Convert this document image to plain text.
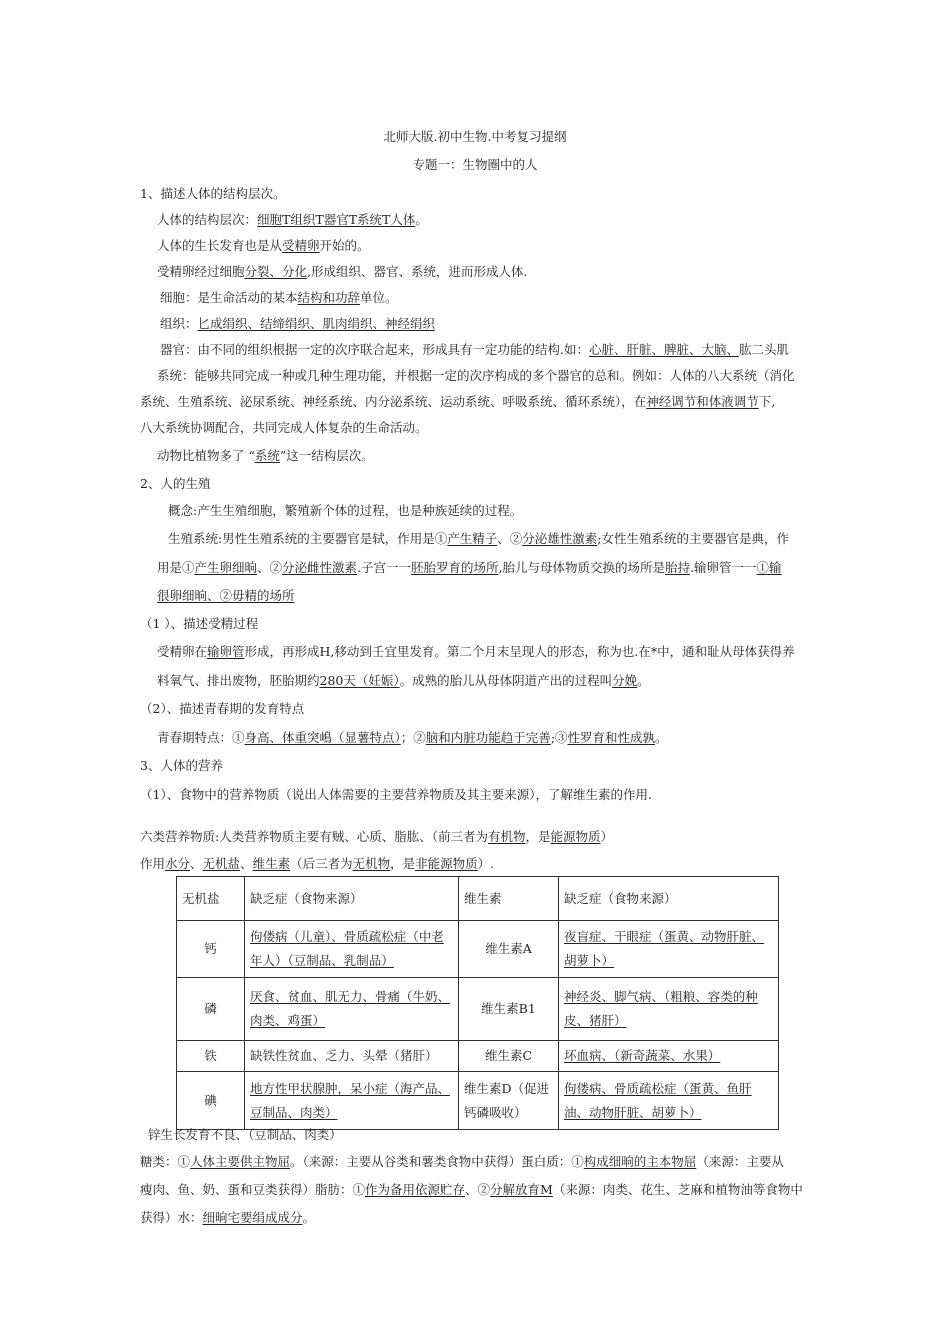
北师大版.初中生物.中考复习提纲
专题一：生物圈中的人
1、描述人体的结构层次。
人体的结构层次：细胞T组织T器官T系统T人体。
人体的生长发育也是从受精卵开始的。
受精卵经过细胞分裂、分化,形成组织、器官、系统，进而形成人体.
细胞：是生命活动的某本结构和功辞单位。
组织：匕成绢织、结缔绢织、肌肉绢织、神经绢织
器官：由不同的组织根据一定的次序联合起来，形成具有一定功能的结构.如：心脏、肝脏、脾脏、大脑、肱二头肌
系统：能够共同完成一种或几种生理功能，并根据一定的次序构成的多个器官的总和。例如：人体的八大系统（消化
系统、生殖系统、泌尿系统、神经系统、内分泌系统、运动系统、呼吸系统、循环系统），在神经调节和体液调节下,
八大系统协调配合，共同完成人体复杂的生命活动。
动物比植物多了 “系统”这一结构层次。
2、人的生殖
概念:产生生殖细胞，繁殖新个体的过程，也是种族延续的过程。
生殖系统:男性生殖系统的主要器官是轼，作用是①产生精子、②分泌雄性激素;女性生殖系统的主要器官是典，作
用是①产生卵细晌、②分泌雌性激素.子宫一一胚胎罗育的场所,胎儿与母体物质交换的场所是胎持.输卵管一一①输
很卵细晌、②毋精的场所
（1 ）、描述受精过程
受精卵在输卵管形成，再形成H,移动到壬宜里发育。第二个月末呈现人的形态，称为也.在*中，通和耻从母体获得养
料氧气、排出废物，胚胎期约280天（妊娠）。成熟的胎儿从母体阴道产出的过程叫分娩。
（2）、描述青春期的发育特点
青春期特点：①身高、体重突嶋（显薯特点）；②脑和内脏功能趋于完善;③性罗育和性成孰。
3、人体的营养
（1）、食物中的营养物质（说出人体需要的主要营养物质及其主要来源），了解维生素的作用.
六类营养物质:人类营养物质主要有贼、心质、脂肱、（前三者为有机物，是能源物质）
作用水分、无机盐、维生素（后三者为无机物，是非能源物质）.
无机盐	缺乏症（食物来源）	维生素	缺乏症（食物来源）
钙	佝偻病（儿童）、骨质疏松症（中老年人）（豆制品、乳制品）	维生素A	夜盲症、干眼症（蛋黄、动物肝脏、胡萝卜）
磷	厌食、贫血、肌无力、骨痛（牛奶、肉类、鸡蛋）	维生素B1	神经炎、脚气病、（粗粮、容类的种皮、猪肝）
铁	缺铁性贫血、乏力、头晕（猪肝）	维生素C	坏血病、（新奇蔬菜、水果）
碘	地方性甲状腺肿，呆小症（海产品、豆制品、肉类）	维生素D（促进钙磷吸收）	佝偻病、骨质疏松症（蛋黄、鱼肝油、动物肝脏、胡萝卜）
锌生长发育不良、（豆制品、肉类）
糖类：①人体主要供主物屈。（来源：主要从谷类和薯类食物中获得）蛋白质：①构成细晌的主本物屈（来源：主要从
瘦肉、鱼、奶、蛋和豆类获得）脂肪：①作为备用依源贮存、②分解放育M（来源：肉类、花生、芝麻和植物油等食物中
获得）水：细晌宅要绢成成分。
